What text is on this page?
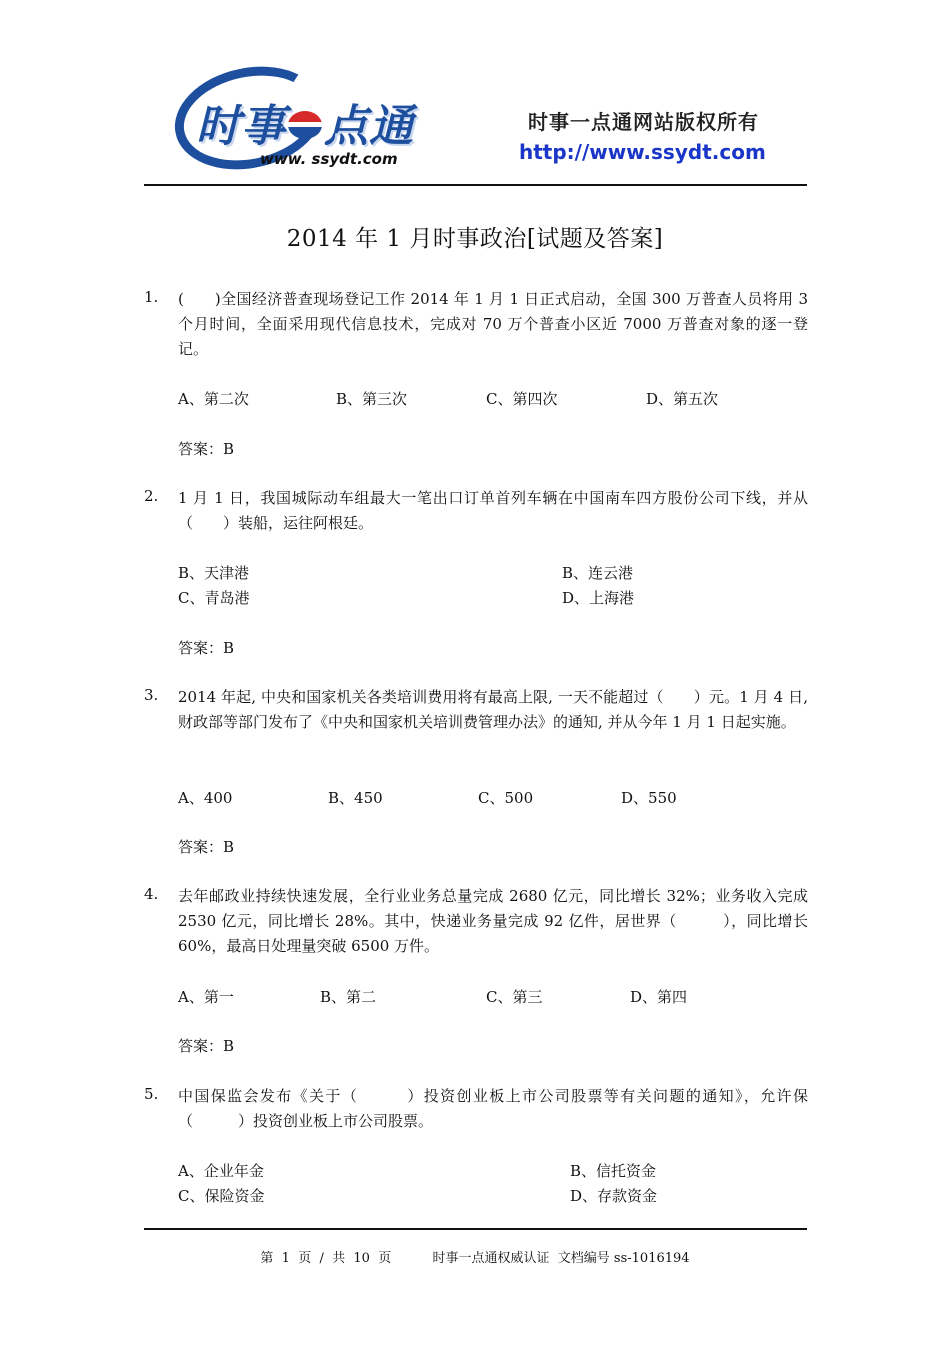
时事 点通
www. ssydt.com
时事一点通网站版权所有
http://www.ssydt.com
2014 年 1 月时事政治[试题及答案]
1. (　　)全国经济普查现场登记工作 2014 年 1 月 1 日正式启动，全国 300 万普查人员将用 3 个月时间，全面采用现代信息技术，完成对 70 万个普查小区近 7000 万普查对象的逐一登记。
A、第二次	B、第三次	C、第四次	D、第五次
答案：B
2. 1 月 1 日，我国城际动车组最大一笔出口订单首列车辆在中国南车四方股份公司下线，并从（　　）装船，运往阿根廷。
B、天津港	B、连云港
C、青岛港	D、上海港
答案：B
3. 2014 年起, 中央和国家机关各类培训费用将有最高上限, 一天不能超过（　　）元。1 月 4 日, 财政部等部门发布了《中央和国家机关培训费管理办法》的通知, 并从今年 1 月 1 日起实施。
A、400	B、450	C、500	D、550
答案：B
4. 去年邮政业持续快速发展，全行业业务总量完成 2680 亿元，同比增长 32%；业务收入完成 2530 亿元，同比增长 28%。其中，快递业务量完成 92 亿件，居世界（　　　），同比增长 60%，最高日处理量突破 6500 万件。
A、第一	B、第二	C、第三	D、第四
答案：B
5. 中国保监会发布《关于（　　　）投资创业板上市公司股票等有关问题的通知》，允许保（　　　）投资创业板上市公司股票。
A、企业年金	B、信托资金
C、保险资金	D、存款资金
第  1  页  /  共  10  页          时事一点通权威认证  文档编号 ss-1016194
